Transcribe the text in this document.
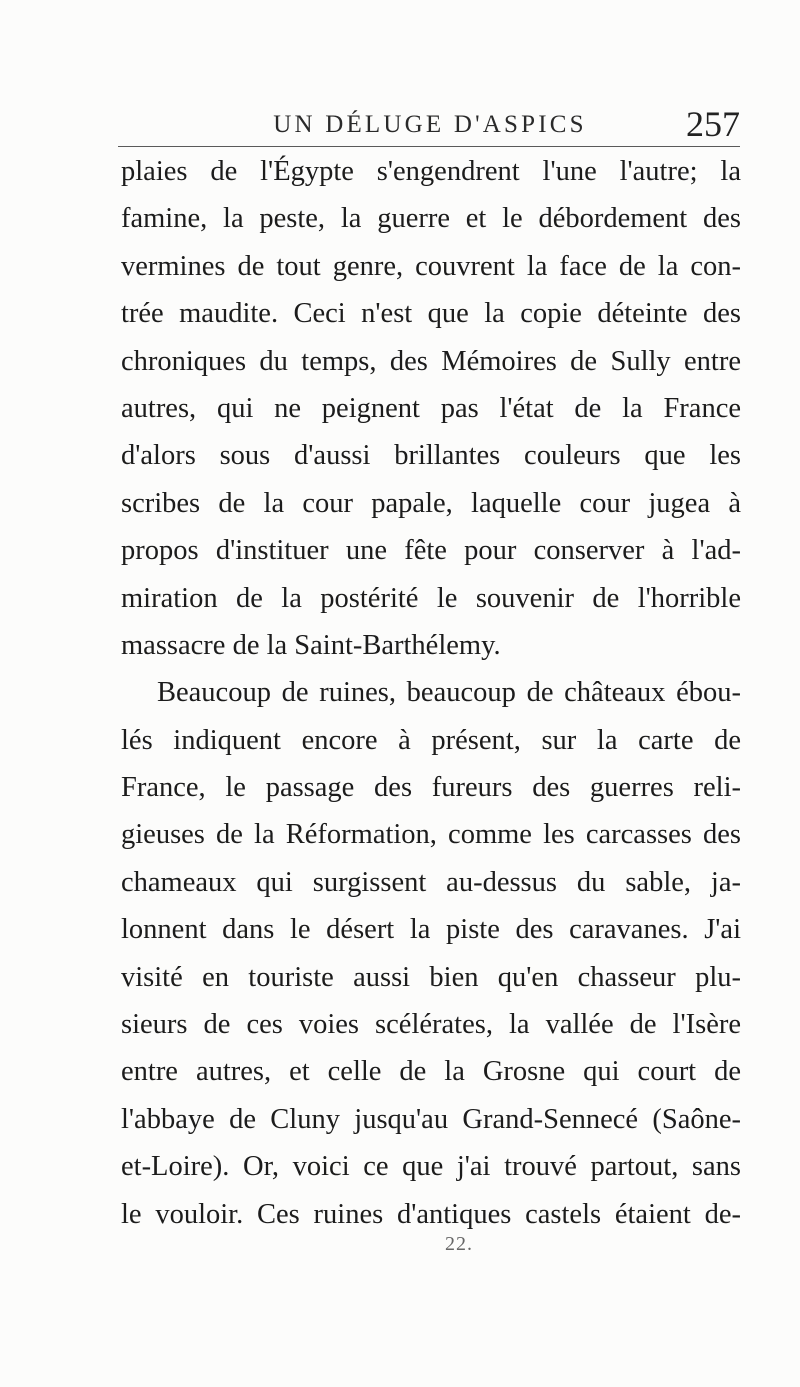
UN DÉLUGE D'ASPICS	257
plaies de l'Égypte s'engendrent l'une l'autre; la
famine, la peste, la guerre et le débordement des
vermines de tout genre, couvrent la face de la con-
trée maudite. Ceci n'est que la copie déteinte des
chroniques du temps, des Mémoires de Sully entre
autres, qui ne peignent pas l'état de la France
d'alors sous d'aussi brillantes couleurs que les
scribes de la cour papale, laquelle cour jugea à
propos d'instituer une fête pour conserver à l'ad-
miration de la postérité le souvenir de l'horrible
massacre de la Saint-Barthélemy.
Beaucoup de ruines, beaucoup de châteaux ébou-
lés indiquent encore à présent, sur la carte de
France, le passage des fureurs des guerres reli-
gieuses de la Réformation, comme les carcasses des
chameaux qui surgissent au-dessus du sable, ja-
lonnent dans le désert la piste des caravanes. J'ai
visité en touriste aussi bien qu'en chasseur plu-
sieurs de ces voies scélérates, la vallée de l'Isère
entre autres, et celle de la Grosne qui court de
l'abbaye de Cluny jusqu'au Grand-Sennecé (Saône-
et-Loire). Or, voici ce que j'ai trouvé partout, sans
le vouloir. Ces ruines d'antiques castels étaient de-
22.
